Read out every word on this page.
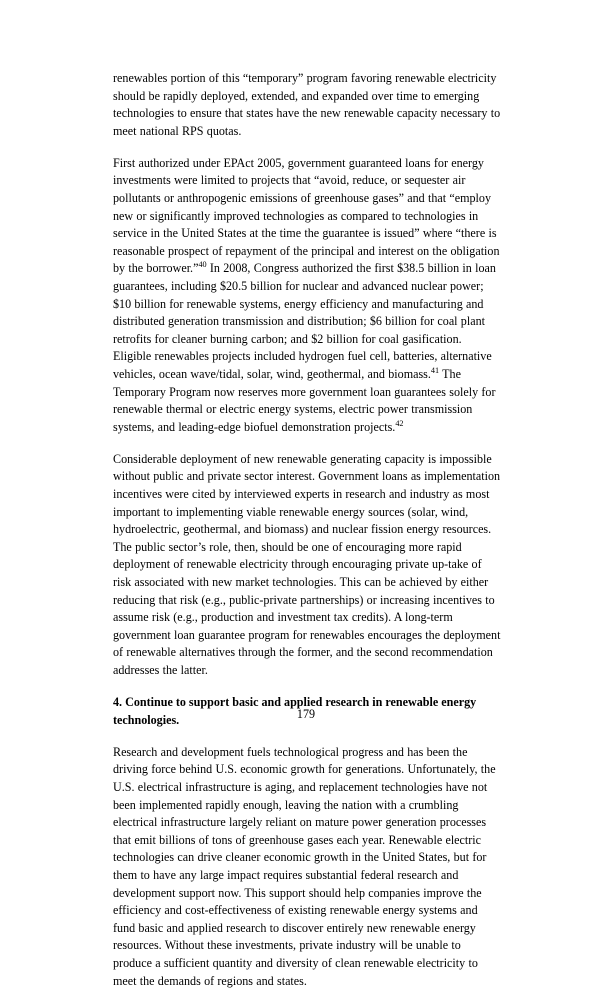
renewables portion of this “temporary” program favoring renewable electricity should be rapidly deployed, extended, and expanded over time to emerging technologies to ensure that states have the new renewable capacity necessary to meet national RPS quotas.

First authorized under EPAct 2005, government guaranteed loans for energy investments were limited to projects that “avoid, reduce, or sequester air pollutants or anthropogenic emissions of greenhouse gases” and that “employ new or significantly improved technologies as compared to technologies in service in the United States at the time the guarantee is issued” where “there is reasonable prospect of repayment of the principal and interest on the obligation by the borrower.”$^{40}$ In 2008, Congress authorized the first $38.5 billion in loan guarantees, including $20.5 billion for nuclear and advanced nuclear power; $10 billion for renewable systems, energy efficiency and manufacturing and distributed generation transmission and distribution; $6 billion for coal plant retrofits for cleaner burning carbon; and $2 billion for coal gasification. Eligible renewables projects included hydrogen fuel cell, batteries, alternative vehicles, ocean wave/tidal, solar, wind, geothermal, and biomass.$^{41}$ The Temporary Program now reserves more government loan guarantees solely for renewable thermal or electric energy systems, electric power transmission systems, and leading-edge biofuel demonstration projects.$^{42}$

Considerable deployment of new renewable generating capacity is impossible without public and private sector interest. Government loans as implementation incentives were cited by interviewed experts in research and industry as most important to implementing viable renewable energy sources (solar, wind, hydroelectric, geothermal, and biomass) and nuclear fission energy resources. The public sector’s role, then, should be one of encouraging more rapid deployment of renewable electricity through encouraging private up-take of risk associated with new market technologies. This can be achieved by either reducing that risk (e.g., public-private partnerships) or increasing incentives to assume risk (e.g., production and investment tax credits). A long-term government loan guarantee program for renewables encourages the deployment of renewable alternatives through the former, and the second recommendation addresses the latter.

4. Continue to support basic and applied research in renewable energy technologies.

Research and development fuels technological progress and has been the driving force behind U.S. economic growth for generations. Unfortunately, the U.S. electrical infrastructure is aging, and replacement technologies have not been implemented rapidly enough, leaving the nation with a crumbling electrical infrastructure largely reliant on mature power generation processes that emit billions of tons of greenhouse gases each year. Renewable electric technologies can drive cleaner economic growth in the United States, but for them to have any large impact requires substantial federal research and development support now. This support should help companies improve the efficiency and cost-effectiveness of existing renewable energy systems and fund basic and applied research to discover entirely new renewable energy resources. Without these investments, private industry will be unable to produce a sufficient quantity and diversity of clean renewable electricity to meet the demands of regions and states.

179
